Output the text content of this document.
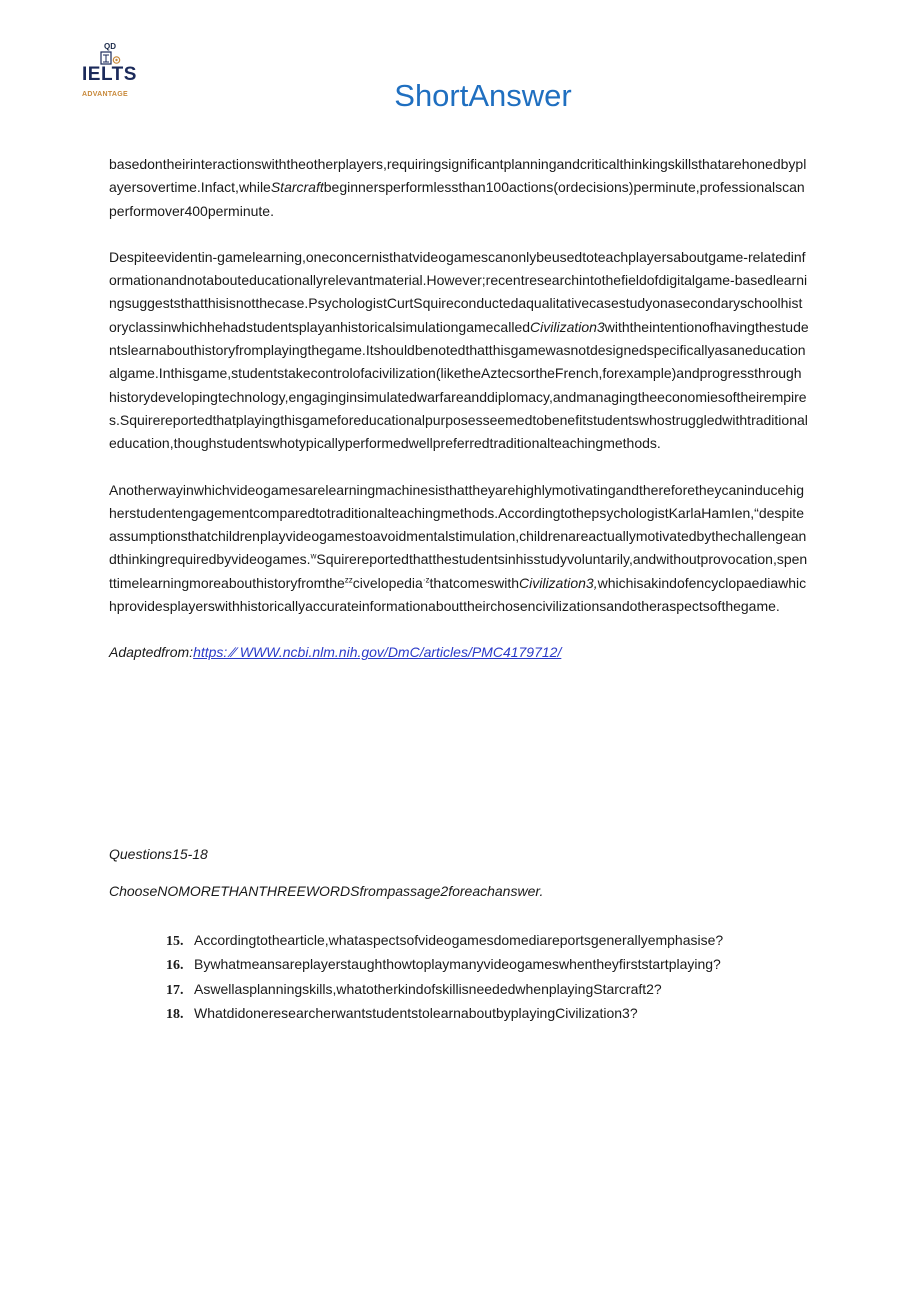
QD
IELTS
ADVANTAGE	ShortAnswer

basedontheirinteractionswiththeotherplayers,requiringsignificantplanningandcriticalthinkingskillsthatarehonedbyplayersovertime.Infact,whileStarcraftbeginnersperformlessthan100actions(ordecisions)perminute,professionalscanperformover400perminute.

Despiteevidentin-gamelearning,oneconcernisthatvideogamescanonlybeusedtoteachplayersaboutgame-relatedinformationandnotabouteducationallyrelevantmaterial.However;recentresearchintothefieldofdigitalgame-basedlearningsuggeststhatthisisnotthecase.PsychologistCurtSquireconductedaqualitativecasestudyonasecondaryschoolhistoryclassinwhichhehadstudentsplayanhistoricalsimulationgamecalledCivilization3withtheintentionofhavingthestudentslearnabouthistoryfromplayingthegame.Itshouldbenotedthatthisgamewasnotdesignedspecificallyasaneducationalgame.Inthisgame,studentstakecontrolofacivilization(liketheAztecsortheFrench,forexample)andprogressthroughhistorydevelopingtechnology,engaginginsimulatedwarfareanddiplomacy,andmanagingtheeconomiesoftheirempires.Squirereportedthatplayingthisgameforeducationalpurposesseemedtobenefitstudentswhostruggledwithtraditionaleducation,thoughstudentswhotypicallyperformedwellpreferredtraditionalteachingmethods.

Anotherwayinwhichvideogamesarelearningmachinesisthattheyarehighlymotivatingandthereforetheycaninducehigherstudentengagementcomparedtotraditionalteachingmethods.AccordingtothepsychologistKarlaHamIen,“despiteassumptionsthatchildrenplayvideogamestoavoidmentalstimulation,childrenareactuallymotivatedbythechallengeandthinkingrequiredbyvideogames.$^w$Squirereportedthatthestudentsinhisstudyvoluntarily,andwithoutprovocation,spenttimelearningmoreabouthistoryfromthe$^{zz}$civelopedia$^{\cdot z}$thatcomeswithCivilization3,whichisakindofencyclopaediawhichprovidesplayerswithhistoricallyaccurateinformationabouttheirchosencivilizationsandotheraspectsofthegame.

Adaptedfrom:https: ∕∕ WWW.ncbi.nlm.nih.gov/DmC/articles/PMC4179712/

Questions15-18
ChooseNOMORETHANTHREEWORDSfrompassage2foreachanswer.
15. Accordingtothearticle,whataspectsofvideogamesdomediareportsgenerallyemphasise?
16. Bywhatmeansareplayerstaughthowtoplaymanyvideogameswhentheyfirststartplaying?
17. Aswellasplanningskills,whatotherkindofskillisneededwhenplayingStarcraft2?
18. WhatdidoneresearcherwantstudentstolearnaboutbyplayingCivilization3?
